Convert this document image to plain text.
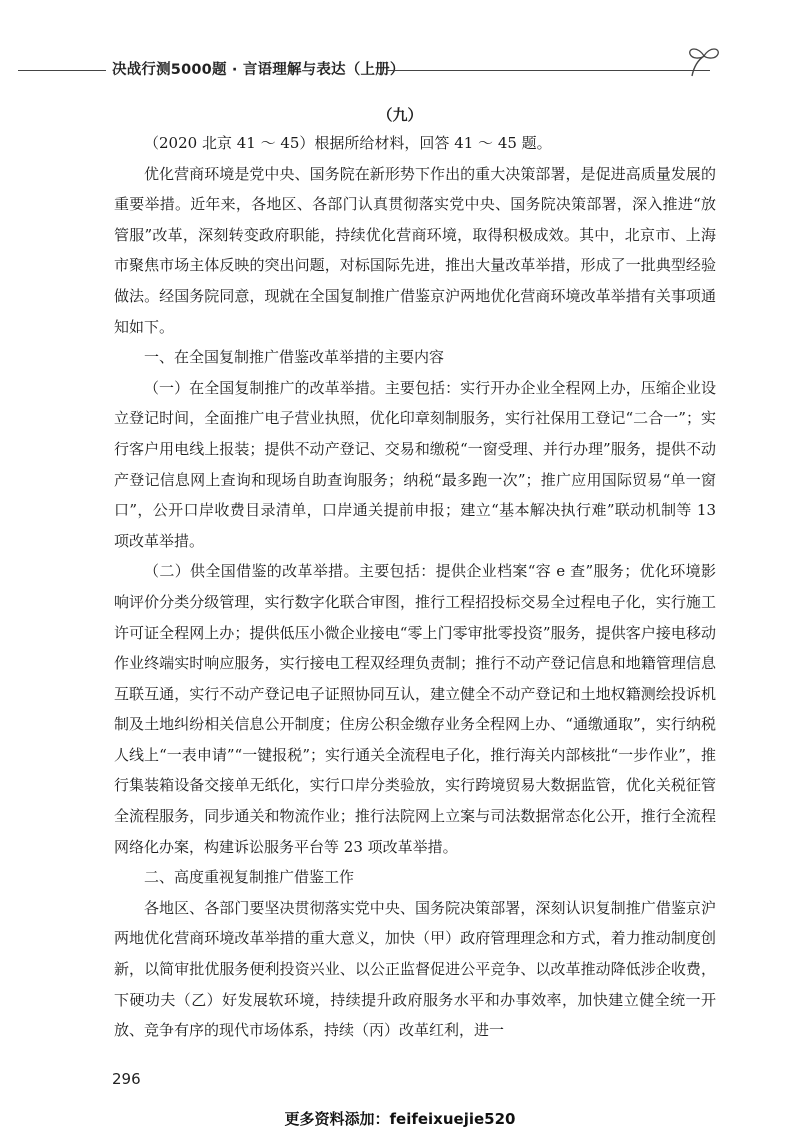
决战行测5000题 · 言语理解与表达（上册）
（九）

（2020 北京 41 ～ 45）根据所给材料，回答 41 ～ 45 题。

优化营商环境是党中央、国务院在新形势下作出的重大决策部署，是促进高质量发展的重要举措。近年来，各地区、各部门认真贯彻落实党中央、国务院决策部署，深入推进“放管服”改革，深刻转变政府职能，持续优化营商环境，取得积极成效。其中，北京市、上海市聚焦市场主体反映的突出问题，对标国际先进，推出大量改革举措，形成了一批典型经验做法。经国务院同意，现就在全国复制推广借鉴京沪两地优化营商环境改革举措有关事项通知如下。

一、在全国复制推广借鉴改革举措的主要内容

（一）在全国复制推广的改革举措。主要包括：实行开办企业全程网上办，压缩企业设立登记时间，全面推广电子营业执照，优化印章刻制服务，实行社保用工登记“二合一”；实行客户用电线上报装；提供不动产登记、交易和缴税“一窗受理、并行办理”服务，提供不动产登记信息网上查询和现场自助查询服务；纳税“最多跑一次”；推广应用国际贸易“单一窗口”，公开口岸收费目录清单，口岸通关提前申报；建立“基本解决执行难”联动机制等 13 项改革举措。

（二）供全国借鉴的改革举措。主要包括：提供企业档案“容 e 查”服务；优化环境影响评价分类分级管理，实行数字化联合审图，推行工程招投标交易全过程电子化，实行施工许可证全程网上办；提供低压小微企业接电“零上门零审批零投资”服务，提供客户接电移动作业终端实时响应服务，实行接电工程双经理负责制；推行不动产登记信息和地籍管理信息互联互通，实行不动产登记电子证照协同互认，建立健全不动产登记和土地权籍测绘投诉机制及土地纠纷相关信息公开制度；住房公积金缴存业务全程网上办、“通缴通取”，实行纳税人线上“一表申请”“一键报税”；实行通关全流程电子化，推行海关内部核批“一步作业”，推行集装箱设备交接单无纸化，实行口岸分类验放，实行跨境贸易大数据监管，优化关税征管全流程服务，同步通关和物流作业；推行法院网上立案与司法数据常态化公开，推行全流程网络化办案，构建诉讼服务平台等 23 项改革举措。

二、高度重视复制推广借鉴工作

各地区、各部门要坚决贯彻落实党中央、国务院决策部署，深刻认识复制推广借鉴京沪两地优化营商环境改革举措的重大意义，加快（甲）政府管理理念和方式，着力推动制度创新，以简审批优服务便利投资兴业、以公正监督促进公平竞争、以改革推动降低涉企收费，下硬功夫（乙）好发展软环境，持续提升政府服务水平和办事效率，加快建立健全统一开放、竞争有序的现代市场体系，持续（丙）改革红利，进一

296
更多资料添加：feifeixuejie520
